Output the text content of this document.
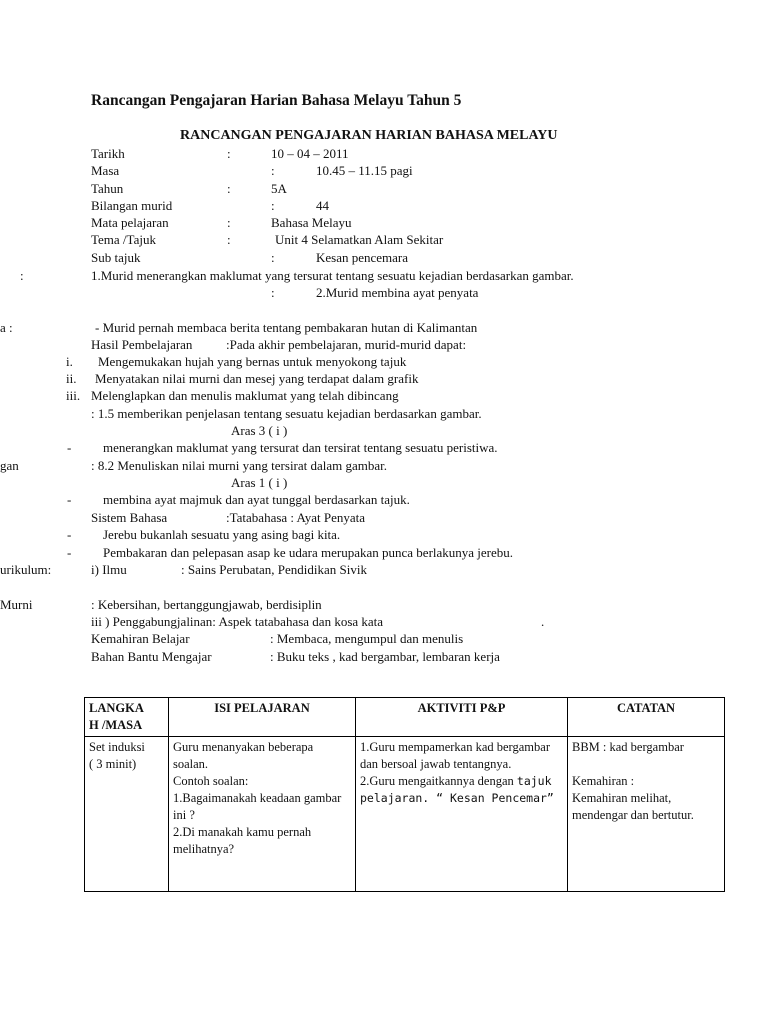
Rancangan Pengajaran Harian Bahasa Melayu Tahun 5
RANCANGAN PENGAJARAN HARIAN BAHASA MELAYU
Tarikh	:	10 – 04 – 2011
Masa	:	10.45 – 11.15 pagi
Tahun	:	5A
Bilangan murid	:	44
Mata pelajaran	:	Bahasa Melayu
Tema /Tajuk	:	Unit 4 Selamatkan Alam Sekitar
Sub tajuk	:	Kesan pencemara
:	1.Murid menerangkan maklumat yang tersurat tentang sesuatu kejadian berdasarkan gambar.
:	2.Murid membina ayat penyata
a :	- Murid pernah membaca berita tentang pembakaran hutan di Kalimantan
Hasil Pembelajaran	:Pada akhir pembelajaran, murid-murid dapat:
i. Mengemukakan hujah yang bernas untuk menyokong tajuk
ii. Menyatakan nilai murni dan mesej yang terdapat dalam grafik
iii. Melenglapkan dan menulis maklumat yang telah dibincang
: 1.5 memberikan penjelasan tentang sesuatu kejadian berdasarkan gambar.
Aras 3 ( i )
- menerangkan maklumat yang tersurat dan tersirat tentang sesuatu peristiwa.
gan	: 8.2 Menuliskan nilai murni yang tersirat dalam gambar.
Aras 1 ( i )
- membina ayat majmuk dan ayat tunggal berdasarkan tajuk.
Sistem Bahasa	:Tatabahasa : Ayat Penyata
- Jerebu bukanlah sesuatu yang asing bagi kita.
- Pembakaran dan pelepasan asap ke udara merupakan punca berlakunya jerebu.
urikulum:	i) Ilmu	: Sains Perubatan, Pendidikan Sivik
Murni	: Kebersihan, bertanggungjawab, berdisiplin
iii ) Penggabungjalinan: Aspek tatabahasa dan kosa kata	.
Kemahiran Belajar	: Membaca, mengumpul dan menulis
Bahan Bantu Mengajar	: Buku teks , kad bergambar, lembaran kerja
LANGKA
H /MASA	ISI PELAJARAN	AKTIVITI P&P	CATATAN
Set induksi
( 3 minit)	Guru menanyakan beberapa soalan.
Contoh soalan:
1.Bagaimanakah keadaan gambar ini ?
2.Di manakah kamu pernah melihatnya?	1.Guru mempamerkan kad bergambar dan bersoal jawab tentangnya.
2.Guru mengaitkannya dengan tajuk pelajaran. “ Kesan Pencemar”	BBM : kad bergambar

Kemahiran :
Kemahiran melihat, mendengar dan bertutur.
